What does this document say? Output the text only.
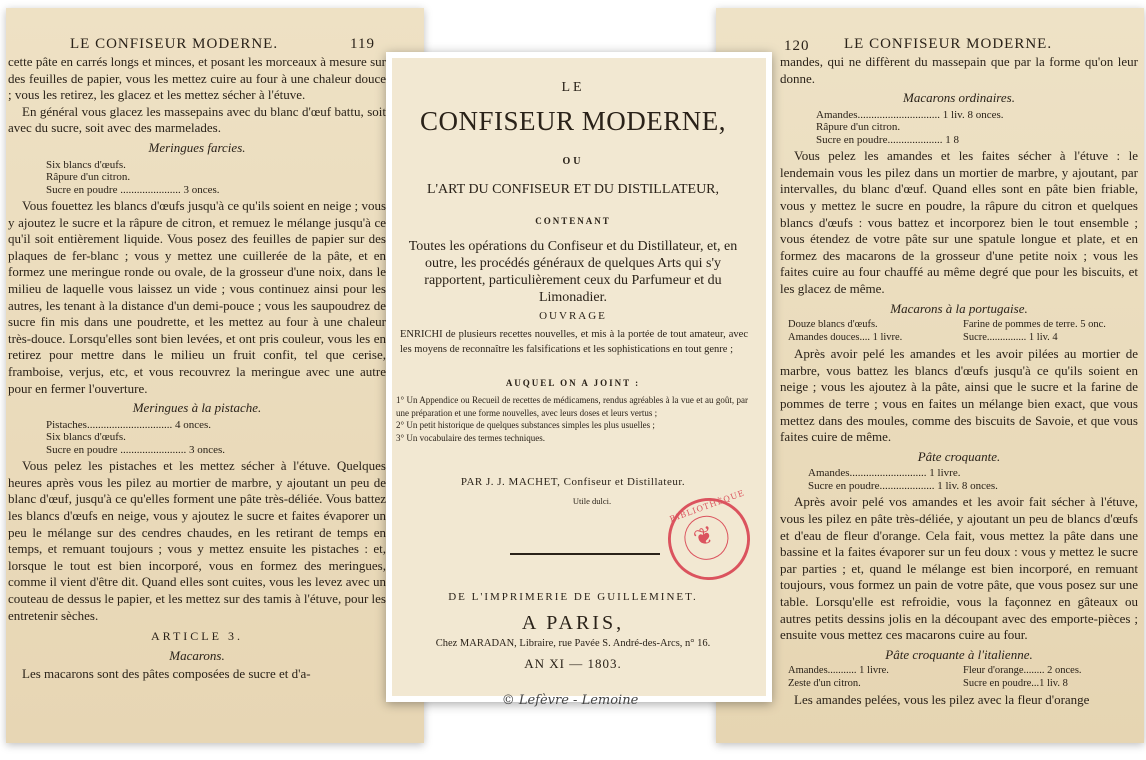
LE CONFISEUR MODERNE.	119

cette pâte en carrés longs et minces, et posant les morceaux à mesure sur des feuilles de papier, vous les mettez cuire au four à une chaleur douce ; vous les retirez, les glacez et les mettez sécher à l'étuve.

En général vous glacez les massepains avec du blanc d'œuf battu, soit avec du sucre, soit avec des marmelades.

Meringues farcies.
Six blancs d'œufs.
Râpure d'un citron.
Sucre en poudre ...................... 3 onces.

Vous fouettez les blancs d'œufs jusqu'à ce qu'ils soient en neige ; vous y ajoutez le sucre et la râpure de citron, et remuez le mélange jusqu'à ce qu'il soit entièrement liquide. Vous posez des feuilles de papier sur des plaques de fer-blanc ; vous y mettez une cuillerée de la pâte, et en formez une meringue ronde ou ovale, de la grosseur d'une noix, dans le milieu de laquelle vous laissez un vide ; vous continuez ainsi pour les autres, les tenant à la distance d'un demi-pouce ; vous les saupoudrez de sucre fin mis dans une poudrette, et les mettez au four à une chaleur très-douce. Lorsqu'elles sont bien levées, et ont pris couleur, vous les en retirez pour mettre dans le milieu un fruit confit, tel que cerise, framboise, verjus, etc, et vous recouvrez la meringue avec une autre pour en fermer l'ouverture.

Meringues à la pistache.
Pistaches............................... 4 onces.
Six blancs d'œufs.
Sucre en poudre ........................ 3 onces.

Vous pelez les pistaches et les mettez sécher à l'étuve. Quelques heures après vous les pilez au mortier de marbre, y ajoutant un peu de blanc d'œuf, jusqu'à ce qu'elles forment une pâte très-déliée. Vous battez les blancs d'œufs en neige, vous y ajoutez le sucre et faites évaporer un peu le mélange sur des cendres chaudes, en les retirant de temps en temps, et remuant toujours ; vous y mettez ensuite les pistaches : et, lorsque le tout est bien incorporé, vous en formez des meringues, comme il vient d'être dit. Quand elles sont cuites, vous les levez avec un couteau de dessus le papier, et les mettez sur des tamis à l'étuve, pour les entretenir sèches.

ARTICLE 3.
Macarons.

Les macarons sont des pâtes composées de sucre et d'a-

120 LE CONFISEUR MODERNE.

mandes, qui ne diffèrent du massepain que par la forme qu'on leur donne.

Macarons ordinaires.
Amandes.............................. 1 liv. 8 onces.
Râpure d'un citron.
Sucre en poudre.................... 1 8

Vous pelez les amandes et les faites sécher à l'étuve : le lendemain vous les pilez dans un mortier de marbre, y ajoutant, par intervalles, du blanc d'œuf. Quand elles sont en pâte bien friable, vous y mettez le sucre en poudre, la râpure du citron et quelques blancs d'œufs : vous battez et incorporez bien le tout ensemble ; vous étendez de votre pâte sur une spatule longue et plate, et en formez des macarons de la grosseur d'une petite noix ; vous les faites cuire au four chauffé au même degré que pour les biscuits, et les glacez de même.

Macarons à la portugaise.
Douze blancs d'œufs.	Farine de pommes de terre. 5 onc.
Amandes douces.... 1 livre.	Sucre............... 1 liv. 4

Après avoir pelé les amandes et les avoir pilées au mortier de marbre, vous battez les blancs d'œufs jusqu'à ce qu'ils soient en neige ; vous les ajoutez à la pâte, ainsi que le sucre et la farine de pommes de terre ; vous en faites un mélange bien exact, que vous mettez dans des moules, comme des biscuits de Savoie, et que vous faites cuire de même.

Pâte croquante.
Amandes............................ 1 livre.
Sucre en poudre.................... 1 liv. 8 onces.

Après avoir pelé vos amandes et les avoir fait sécher à l'étuve, vous les pilez en pâte très-déliée, y ajoutant un peu de blancs d'œufs et d'eau de fleur d'orange. Cela fait, vous mettez la pâte dans une bassine et la faites évaporer sur un feu doux : vous y mettez le sucre par parties ; et, quand le mélange est bien incorporé, en remuant toujours, vous formez un pain de votre pâte, que vous posez sur une table. Lorsqu'elle est refroidie, vous la façonnez en gâteaux ou autres petits dessins jolis en la découpant avec des emporte-pièces ; ensuite vous mettez ces macarons cuire au four.

Pâte croquante à l'italienne.
Amandes........... 1 livre.	Fleur d'orange........ 2 onces.
Zeste d'un citron.	Sucre en poudre...1 liv. 8

Les amandes pelées, vous les pilez avec la fleur d'orange

LE
CONFISEUR MODERNE,
OU
L'ART DU CONFISEUR ET DU DISTILLATEUR,
CONTENANT
Toutes les opérations du Confiseur et du Distillateur, et, en outre, les procédés généraux de quelques Arts qui s'y rapportent, particulièrement ceux du Parfumeur et du Limonadier.
OUVRAGE
ENRICHI de plusieurs recettes nouvelles, et mis à la portée de tout amateur, avec les moyens de reconnaître les falsifications et les sophistications en tout genre ;
AUQUEL ON A JOINT :
1° Un Appendice ou Recueil de recettes de médicamens, rendus agréables à la vue et au goût, par une préparation et une forme nouvelles, avec leurs doses et leurs vertus ;
2° Un petit historique de quelques substances simples les plus usuelles ;
3° Un vocabulaire des termes techniques.
PAR J. J. MACHET, Confiseur et Distillateur.
Utile dulci.	BIBLIOTHÈQUE
❦
DE L'IMPRIMERIE DE GUILLEMINET.
A PARIS,
Chez MARADAN, Libraire, rue Pavée S. André-des-Arcs, n° 16.
AN XI — 1803.
© Lefèvre - Lemoine
